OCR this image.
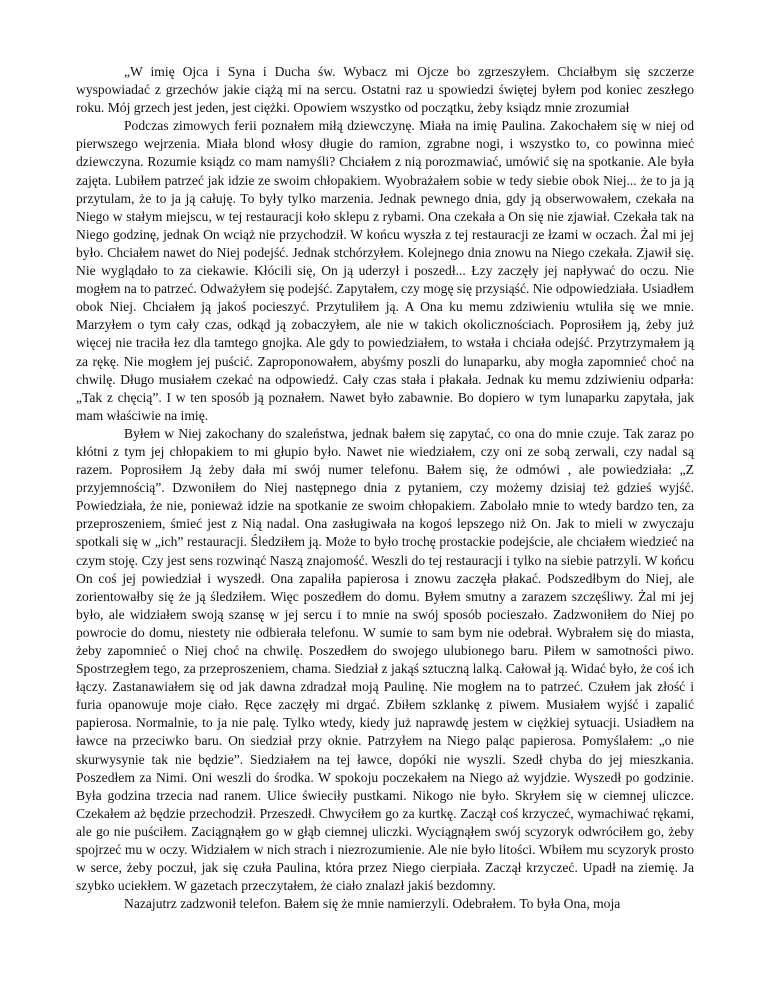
„W imię Ojca i Syna i Ducha św. Wybacz mi Ojcze bo zgrzeszyłem. Chciałbym się szczerze wyspowiadać z grzechów jakie ciążą mi na sercu. Ostatni raz u spowiedzi świętej byłem pod koniec zeszłego roku. Mój grzech jest jeden, jest ciężki. Opowiem wszystko od początku, żeby ksiądz mnie zrozumiał

Podczas zimowych ferii poznałem miłą dziewczynę. Miała na imię Paulina. Zakochałem się w niej od pierwszego wejrzenia. Miała blond włosy długie do ramion, zgrabne nogi, i wszystko to, co powinna mieć dziewczyna. Rozumie ksiądz co mam namyśli? Chciałem z nią porozmawiać, umówić się na spotkanie. Ale była zajęta. Lubiłem patrzeć jak idzie ze swoim chłopakiem. Wyobrażałem sobie w tedy siebie obok Niej... że to ja ją przytulam, że to ja ją całuję. To były tylko marzenia. Jednak pewnego dnia, gdy ją obserwowałem, czekała na Niego w stałym miejscu, w tej restauracji koło sklepu z rybami. Ona czekała a On się nie zjawiał. Czekała tak na Niego godzinę, jednak On wciąż nie przychodził. W końcu wyszła z tej restauracji ze łzami w oczach. Żal mi jej było. Chciałem nawet do Niej podejść. Jednak stchórzyłem. Kolejnego dnia znowu na Niego czekała. Zjawił się. Nie wyglądało to za ciekawie. Kłócili się, On ją uderzył i poszedł... Łzy zaczęły jej napływać do oczu. Nie mogłem na to patrzeć. Odważyłem się podejść. Zapytałem, czy mogę się przysiąść. Nie odpowiedziała. Usiadłem obok Niej. Chciałem ją jakoś pocieszyć. Przytuliłem ją. A Ona ku memu zdziwieniu wtuliła się we mnie. Marzyłem o tym cały czas, odkąd ją zobaczyłem, ale nie w takich okolicznościach. Poprosiłem ją, żeby już więcej nie traciła łez dla tamtego gnojka. Ale gdy to powiedziałem, to wstała i chciała odejść. Przytrzymałem ją za rękę. Nie mogłem jej puścić. Zaproponowałem, abyśmy poszli do lunaparku, aby mogła zapomnieć choć na chwilę. Długo musiałem czekać na odpowiedź. Cały czas stała i płakała. Jednak ku memu zdziwieniu odparła: „Tak z chęcią”. I w ten sposób ją poznałem. Nawet było zabawnie. Bo dopiero w tym lunaparku zapytała, jak mam właściwie na imię.

Byłem w Niej zakochany do szaleństwa, jednak bałem się zapytać, co ona do mnie czuje. Tak zaraz po kłótni z tym jej chłopakiem to mi głupio było. Nawet nie wiedziałem, czy oni ze sobą zerwali, czy nadal są razem. Poprosiłem Ją żeby dała mi swój numer telefonu. Bałem się, że odmówi , ale powiedziała: „Z przyjemnością”. Dzwoniłem do Niej następnego dnia z pytaniem, czy możemy dzisiaj też gdzieś wyjść. Powiedziała, że nie, ponieważ idzie na spotkanie ze swoim chłopakiem. Zabolało mnie to wtedy bardzo ten, za przeproszeniem, śmieć jest z Nią nadal. Ona zasługiwała na kogoś lepszego niż On. Jak to mieli w zwyczaju spotkali się w „ich” restauracji. Śledziłem ją. Może to było trochę prostackie podejście, ale chciałem wiedzieć na czym stoję. Czy jest sens rozwinąć Naszą znajomość. Weszli do tej restauracji i tylko na siebie patrzyli. W końcu On coś jej powiedział i wyszedł. Ona zapaliła papierosa i znowu zaczęła płakać. Podszedłbym do Niej, ale zorientowałby się że ją śledziłem. Więc poszedłem do domu. Byłem smutny a zarazem szczęśliwy. Żal mi jej było, ale widziałem swoją szansę w jej sercu i to mnie na swój sposób pocieszało. Zadzwoniłem do Niej po powrocie do domu, niestety nie odbierała telefonu. W sumie to sam bym nie odebrał. Wybrałem się do miasta, żeby zapomnieć o Niej choć na chwilę. Poszedłem do swojego ulubionego baru. Piłem w samotności piwo. Spostrzegłem tego, za przeproszeniem, chama. Siedział z jakąś sztuczną lalką. Całował ją. Widać było, że coś ich łączy. Zastanawiałem się od jak dawna zdradzał moją Paulinę. Nie mogłem na to patrzeć. Czułem jak złość i furia opanowuje moje ciało. Ręce zaczęły mi drgać. Zbiłem szklankę z piwem. Musiałem wyjść i zapalić papierosa. Normalnie, to ja nie palę. Tylko wtedy, kiedy już naprawdę jestem w ciężkiej sytuacji. Usiadłem na ławce na przeciwko baru. On siedział przy oknie. Patrzyłem na Niego paląc papierosa. Pomyślałem: „o nie skurwysynie tak nie będzie”. Siedziałem na tej ławce, dopóki nie wyszli. Szedł chyba do jej mieszkania. Poszedłem za Nimi. Oni weszli do środka. W spokoju poczekałem na Niego aż wyjdzie. Wyszedł po godzinie. Była godzina trzecia nad ranem. Ulice świeciły pustkami. Nikogo nie było. Skryłem się w ciemnej uliczce. Czekałem aż będzie przechodził. Przeszedł. Chwyciłem go za kurtkę. Zaczął coś krzyczeć, wymachiwać rękami, ale go nie puściłem. Zaciągnąłem go w głąb ciemnej uliczki. Wyciągnąłem swój scyzoryk odwróciłem go, żeby spojrzeć mu w oczy. Widziałem w nich strach i niezrozumienie. Ale nie było litości. Wbiłem mu scyzoryk prosto w serce, żeby poczuł, jak się czuła Paulina, która przez Niego cierpiała. Zaczął krzyczeć. Upadł na ziemię. Ja szybko uciekłem. W gazetach przeczytałem, że ciało znalazł jakiś bezdomny.

Nazajutrz zadzwonił telefon. Bałem się że mnie namierzyli. Odebrałem. To była Ona, moja
